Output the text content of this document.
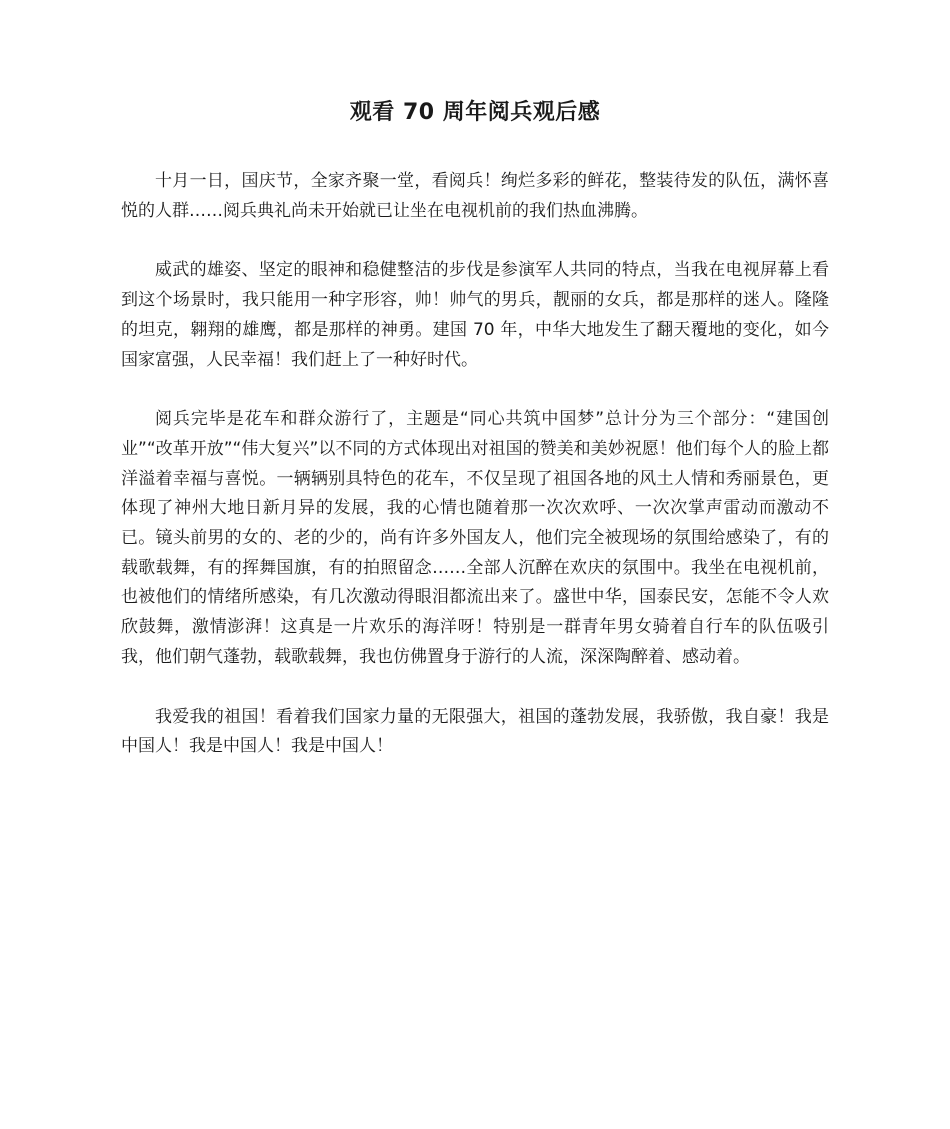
观看 70 周年阅兵观后感

十月一日，国庆节，全家齐聚一堂，看阅兵！绚烂多彩的鲜花，整装待发的队伍，满怀喜悦的人群……阅兵典礼尚未开始就已让坐在电视机前的我们热血沸腾。

威武的雄姿、坚定的眼神和稳健整洁的步伐是参演军人共同的特点，当我在电视屏幕上看到这个场景时，我只能用一种字形容，帅！帅气的男兵，靓丽的女兵，都是那样的迷人。隆隆的坦克，翱翔的雄鹰，都是那样的神勇。建国 70 年，中华大地发生了翻天覆地的变化，如今国家富强，人民幸福！我们赶上了一种好时代。

阅兵完毕是花车和群众游行了，主题是“同心共筑中国梦”总计分为三个部分：“建国创业”“改革开放”“伟大复兴”以不同的方式体现出对祖国的赞美和美妙祝愿！他们每个人的脸上都洋溢着幸福与喜悦。一辆辆别具特色的花车，不仅呈现了祖国各地的风土人情和秀丽景色，更体现了神州大地日新月异的发展，我的心情也随着那一次次欢呼、一次次掌声雷动而激动不已。镜头前男的女的、老的少的，尚有许多外国友人，他们完全被现场的氛围给感染了，有的载歌载舞，有的挥舞国旗，有的拍照留念……全部人沉醉在欢庆的氛围中。我坐在电视机前，也被他们的情绪所感染，有几次激动得眼泪都流出来了。盛世中华，国泰民安，怎能不令人欢欣鼓舞，激情澎湃！这真是一片欢乐的海洋呀！特别是一群青年男女骑着自行车的队伍吸引我，他们朝气蓬勃，载歌载舞，我也仿佛置身于游行的人流，深深陶醉着、感动着。

我爱我的祖国！看着我们国家力量的无限强大，祖国的蓬勃发展，我骄傲，我自豪！我是中国人！我是中国人！我是中国人！
